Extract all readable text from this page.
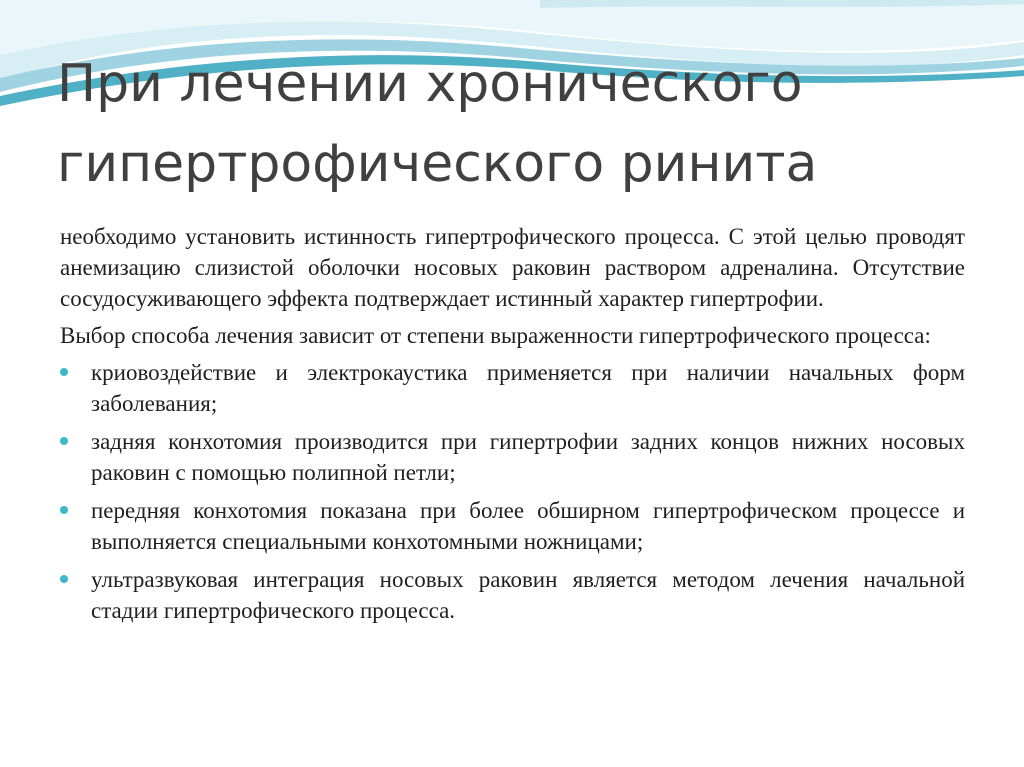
При лечении хронического гипертрофического ринита

необходимо установить истинность гипертрофического процесса. С этой целью проводят анемизацию слизистой оболочки носовых раковин раствором адреналина. Отсутствие сосудосуживающего эффекта подтверждает истинный характер гипертрофии.

Выбор способа лечения зависит от степени выраженности гипертрофического процесса:

криовоздействие и электрокаустика применяется при наличии начальных форм заболевания;
задняя конхотомия производится при гипертрофии задних концов нижних носовых раковин с помощью полипной петли;
передняя конхотомия показана при более обширном гипертрофическом процессе и выполняется специальными конхотомными ножницами;
ультразвуковая интеграция носовых раковин является методом лечения начальной стадии гипертрофического процесса.
